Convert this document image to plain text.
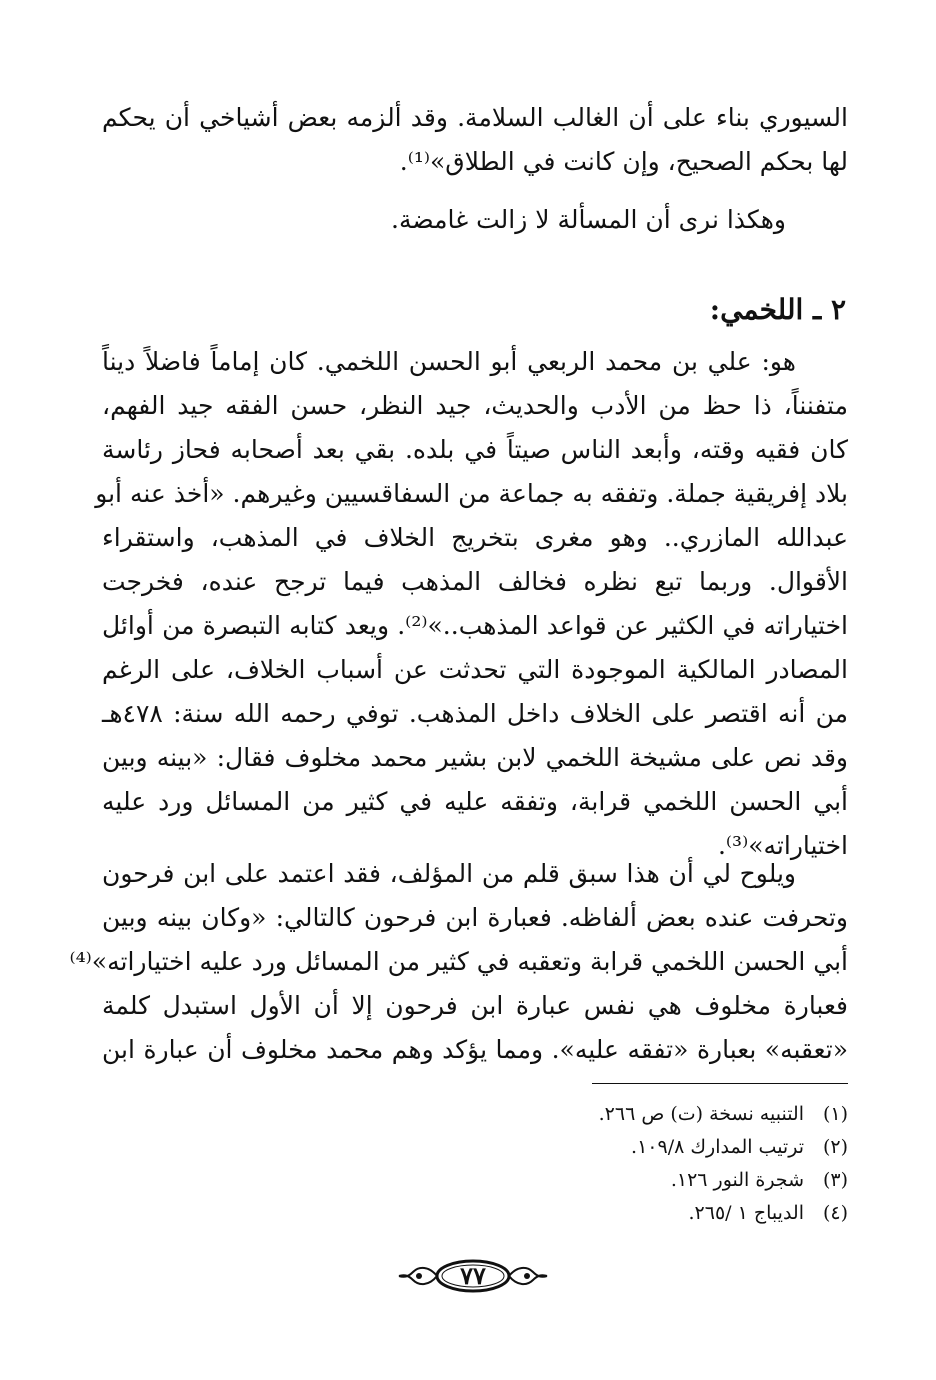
السيوري بناء على أن الغالب السلامة. وقد ألزمه بعض أشياخي أن يحكم
لها بحكم الصحيح، وإن كانت في الطلاق»⁽¹⁾.
وهكذا نرى أن المسألة لا زالت غامضة.
٢ ـ اللخمي:
هو: علي بن محمد الربعي أبو الحسن اللخمي. كان إماماً فاضلاً ديناً
متفنناً، ذا حظ من الأدب والحديث، جيد النظر، حسن الفقه جيد الفهم،
كان فقيه وقته، وأبعد الناس صيتاً في بلده. بقي بعد أصحابه فحاز رئاسة
بلاد إفريقية جملة. وتفقه به جماعة من السفاقسيين وغيرهم. «أخذ عنه أبو
عبدالله المازري.. وهو مغرى بتخريج الخلاف في المذهب، واستقراء
الأقوال. وربما تبع نظره فخالف المذهب فيما ترجح عنده، فخرجت
اختياراته في الكثير عن قواعد المذهب..»⁽²⁾. ويعد كتابه التبصرة من أوائل
المصادر المالكية الموجودة التي تحدثت عن أسباب الخلاف، على الرغم
من أنه اقتصر على الخلاف داخل المذهب. توفي رحمه الله سنة: ٤٧٨هـ
وقد نص على مشيخة اللخمي لابن بشير محمد مخلوف فقال: «بينه وبين
أبي الحسن اللخمي قرابة، وتفقه عليه في كثير من المسائل ورد عليه
اختياراته»⁽³⁾.
ويلوح لي أن هذا سبق قلم من المؤلف، فقد اعتمد على ابن فرحون
وتحرفت عنده بعض ألفاظه. فعبارة ابن فرحون كالتالي: «وكان بينه وبين
أبي الحسن اللخمي قرابة وتعقبه في كثير من المسائل ورد عليه اختياراته»⁽⁴⁾
فعبارة مخلوف هي نفس عبارة ابن فرحون إلا أن الأول استبدل كلمة
«تعقبه» بعبارة «تفقه عليه». ومما يؤكد وهم محمد مخلوف أن عبارة ابن
(١)التنبيه نسخة (ت) ص ٢٦٦.
(٢)ترتيب المدارك ١٠٩/٨.
(٣)شجرة النور ١٢٦.
(٤)الديباج ١ /٢٦٥.
٧٧
